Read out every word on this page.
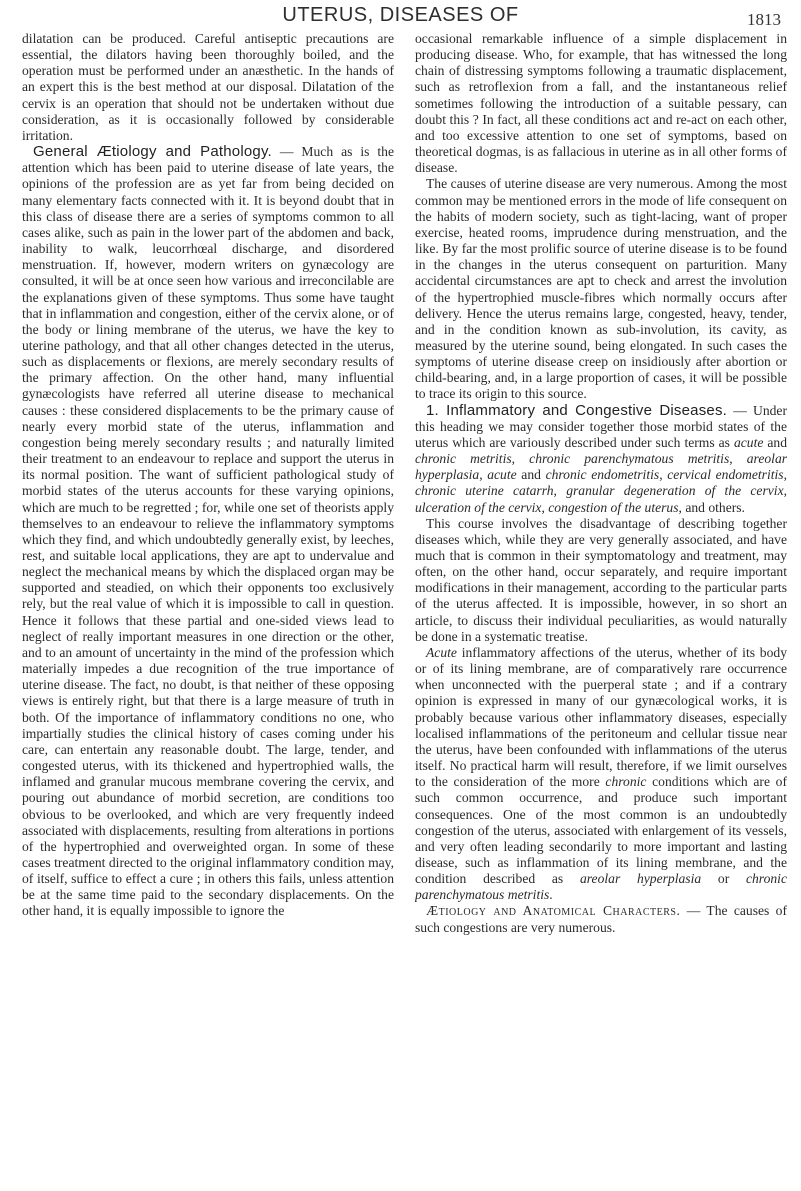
UTERUS, DISEASES OF	1813

dilatation can be produced. Careful antiseptic precautions are essential, the dilators having been thoroughly boiled, and the operation must be performed under an anæsthetic. In the hands of an expert this is the best method at our disposal. Dilatation of the cervix is an operation that should not be undertaken without due consideration, as it is occasionally followed by considerable irritation.

General Ætiology and Pathology. — Much as is the attention which has been paid to uterine disease of late years, the opinions of the profession are as yet far from being decided on many elementary facts connected with it. It is beyond doubt that in this class of disease there are a series of symptoms common to all cases alike, such as pain in the lower part of the abdomen and back, inability to walk, leucorrhœal discharge, and disordered menstruation. If, however, modern writers on gynæcology are consulted, it will be at once seen how various and irreconcilable are the explanations given of these symptoms. Thus some have taught that in inflammation and congestion, either of the cervix alone, or of the body or lining membrane of the uterus, we have the key to uterine pathology, and that all other changes detected in the uterus, such as displacements or flexions, are merely secondary results of the primary affection. On the other hand, many influential gynæcologists have referred all uterine disease to mechanical causes : these considered displacements to be the primary cause of nearly every morbid state of the uterus, inflammation and congestion being merely secondary results ; and naturally limited their treatment to an endeavour to replace and support the uterus in its normal position. The want of sufficient pathological study of morbid states of the uterus accounts for these varying opinions, which are much to be regretted ; for, while one set of theorists apply themselves to an endeavour to relieve the inflammatory symptoms which they find, and which undoubtedly generally exist, by leeches, rest, and suitable local applications, they are apt to undervalue and neglect the mechanical means by which the displaced organ may be supported and steadied, on which their opponents too exclusively rely, but the real value of which it is impossible to call in question. Hence it follows that these partial and one-sided views lead to neglect of really important measures in one direction or the other, and to an amount of uncertainty in the mind of the profession which materially impedes a due recognition of the true importance of uterine disease. The fact, no doubt, is that neither of these opposing views is entirely right, but that there is a large measure of truth in both. Of the importance of inflammatory conditions no one, who impartially studies the clinical history of cases coming under his care, can entertain any reasonable doubt. The large, tender, and congested uterus, with its thickened and hypertrophied walls, the inflamed and granular mucous membrane covering the cervix, and pouring out abundance of morbid secretion, are conditions too obvious to be overlooked, and which are very frequently indeed associated with displacements, resulting from alterations in portions of the hypertrophied and overweighted organ. In some of these cases treatment directed to the original inflammatory condition may, of itself, suffice to effect a cure ; in others this fails, unless attention be at the same time paid to the secondary displacements. On the other hand, it is equally impossible to ignore the

occasional remarkable influence of a simple displacement in producing disease. Who, for example, that has witnessed the long chain of distressing symptoms following a traumatic displacement, such as retroflexion from a fall, and the instantaneous relief sometimes following the introduction of a suitable pessary, can doubt this ? In fact, all these conditions act and re-act on each other, and too excessive attention to one set of symptoms, based on theoretical dogmas, is as fallacious in uterine as in all other forms of disease.

The causes of uterine disease are very numerous. Among the most common may be mentioned errors in the mode of life consequent on the habits of modern society, such as tight-lacing, want of proper exercise, heated rooms, imprudence during menstruation, and the like. By far the most prolific source of uterine disease is to be found in the changes in the uterus consequent on parturition. Many accidental circumstances are apt to check and arrest the involution of the hypertrophied muscle-fibres which normally occurs after delivery. Hence the uterus remains large, congested, heavy, tender, and in the condition known as sub-involution, its cavity, as measured by the uterine sound, being elongated. In such cases the symptoms of uterine disease creep on insidiously after abortion or child-bearing, and, in a large proportion of cases, it will be possible to trace its origin to this source.

1. Inflammatory and Congestive Diseases. — Under this heading we may consider together those morbid states of the uterus which are variously described under such terms as acute and chronic metritis, chronic parenchymatous metritis, areolar hyperplasia, acute and chronic endometritis, cervical endometritis, chronic uterine catarrh, granular degeneration of the cervix, ulceration of the cervix, congestion of the uterus, and others.

This course involves the disadvantage of describing together diseases which, while they are very generally associated, and have much that is common in their symptomatology and treatment, may often, on the other hand, occur separately, and require important modifications in their management, according to the particular parts of the uterus affected. It is impossible, however, in so short an article, to discuss their individual peculiarities, as would naturally be done in a systematic treatise.

Acute inflammatory affections of the uterus, whether of its body or of its lining membrane, are of comparatively rare occurrence when unconnected with the puerperal state ; and if a contrary opinion is expressed in many of our gynæcological works, it is probably because various other inflammatory diseases, especially localised inflammations of the peritoneum and cellular tissue near the uterus, have been confounded with inflammations of the uterus itself. No practical harm will result, therefore, if we limit ourselves to the consideration of the more chronic conditions which are of such common occurrence, and produce such important consequences. One of the most common is an undoubtedly congestion of the uterus, associated with enlargement of its vessels, and very often leading secondarily to more important and lasting disease, such as inflammation of its lining membrane, and the condition described as areolar hyperplasia or chronic parenchymatous metritis.

Ætiology and Anatomical Characters. — The causes of such congestions are very numerous.
